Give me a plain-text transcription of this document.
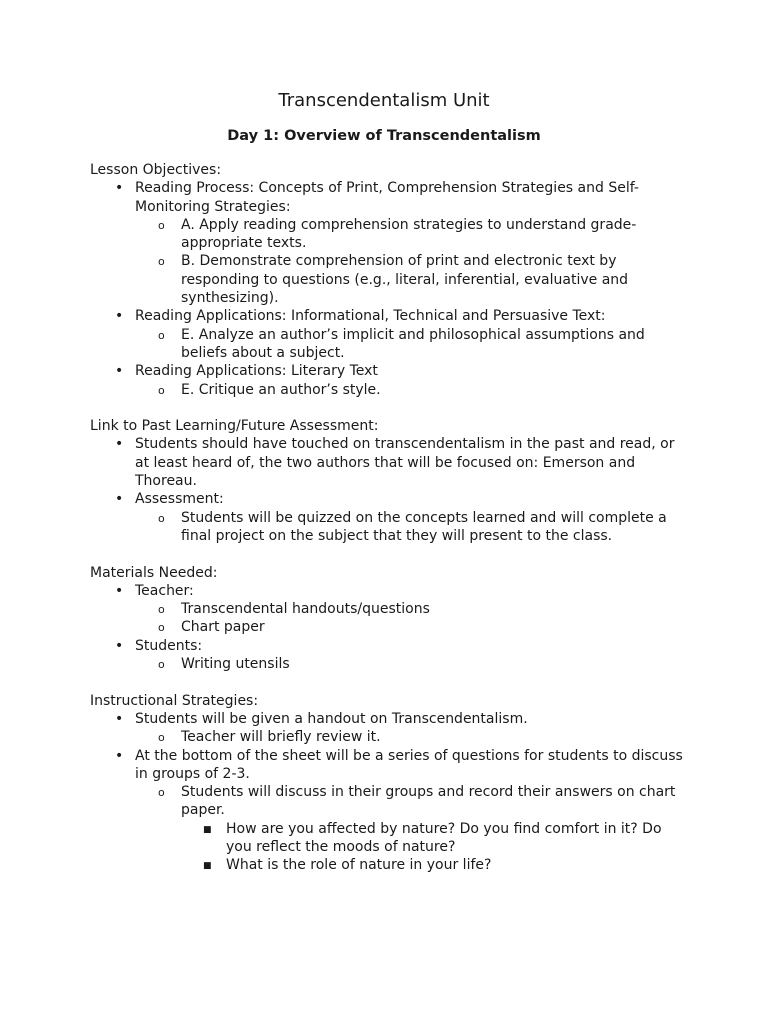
Transcendentalism Unit
Day 1: Overview of Transcendentalism

Lesson Objectives:

• Reading Process: Concepts of Print, Comprehension Strategies and Self-Monitoring Strategies:
o A. Apply reading comprehension strategies to understand grade-appropriate texts.
o B. Demonstrate comprehension of print and electronic text by responding to questions (e.g., literal, inferential, evaluative and synthesizing).
• Reading Applications: Informational, Technical and Persuasive Text:
o E. Analyze an author’s implicit and philosophical assumptions and beliefs about a subject.
• Reading Applications: Literary Text
o E. Critique an author’s style.

Link to Past Learning/Future Assessment:

• Students should have touched on transcendentalism in the past and read, or at least heard of, the two authors that will be focused on: Emerson and Thoreau.
• Assessment:
o Students will be quizzed on the concepts learned and will complete a final project on the subject that they will present to the class.

Materials Needed:

• Teacher:
o Transcendental handouts/questions
o Chart paper
• Students:
o Writing utensils

Instructional Strategies:

• Students will be given a handout on Transcendentalism.
o Teacher will briefly review it.
• At the bottom of the sheet will be a series of questions for students to discuss in groups of 2-3.
o Students will discuss in their groups and record their answers on chart paper.
■ How are you affected by nature? Do you find comfort in it? Do you reflect the moods of nature?
■ What is the role of nature in your life?
